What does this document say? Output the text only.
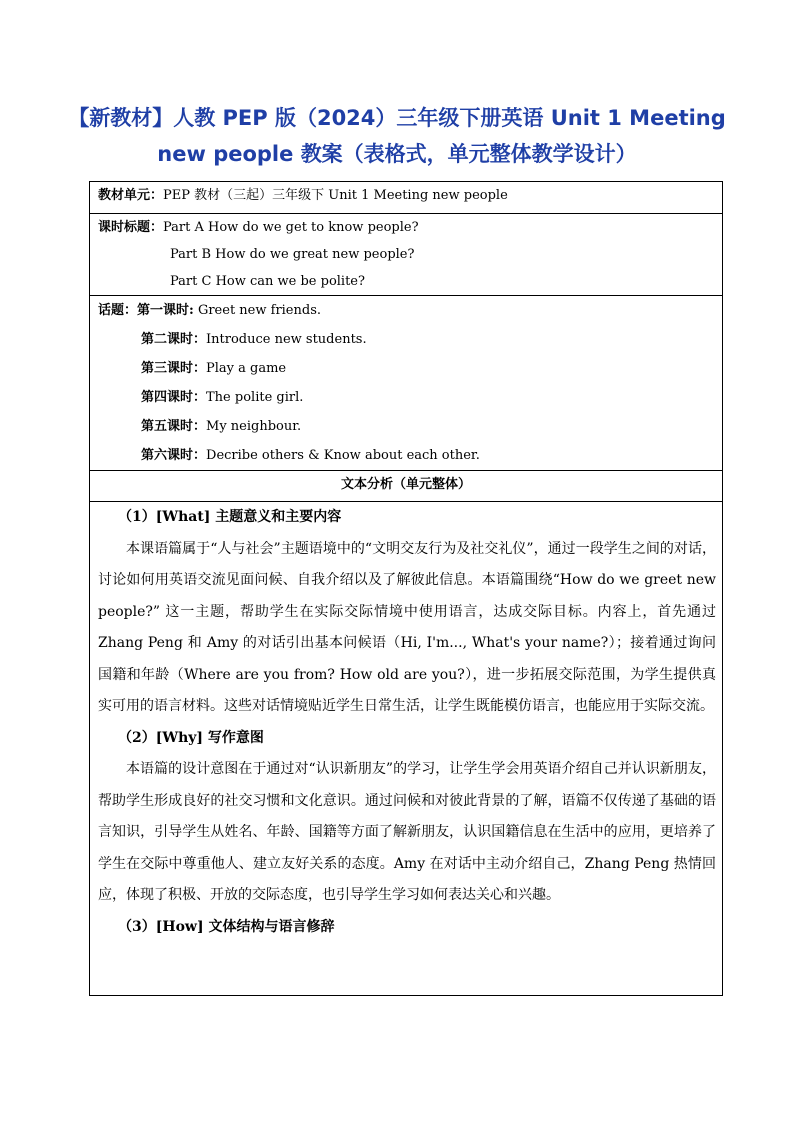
【新教材】人教 PEP 版（2024）三年级下册英语 Unit 1 Meeting
new people 教案（表格式，单元整体教学设计）
教材单元：PEP 教材（三起）三年级下 Unit 1 Meeting new people

课时标题：Part A How do we get to know people?
Part B How do we great new people?
Part C How can we be polite?

话题：第一课时: Greet new friends.
第二课时：Introduce new students.
第三课时：Play a game
第四课时：The polite girl.
第五课时：My neighbour.
第六课时：Decribe others & Know about each other.

文本分析（单元整体）

（1）[What] 主题意义和主要内容

本课语篇属于“人与社会”主题语境中的“文明交友行为及社交礼仪”，通过一段学生之间的对话，讨论如何用英语交流见面问候、自我介绍以及了解彼此信息。本语篇围绕“How do we greet new people?” 这一主题，帮助学生在实际交际情境中使用语言，达成交际目标。内容上，首先通过 Zhang Peng 和 Amy 的对话引出基本问候语（Hi, I'm..., What's your name?）；接着通过询问国籍和年龄（Where are you from? How old are you?），进一步拓展交际范围，为学生提供真实可用的语言材料。这些对话情境贴近学生日常生活，让学生既能模仿语言，也能应用于实际交流。

（2）[Why] 写作意图

本语篇的设计意图在于通过对“认识新朋友”的学习，让学生学会用英语介绍自己并认识新朋友，帮助学生形成良好的社交习惯和文化意识。通过问候和对彼此背景的了解，语篇不仅传递了基础的语言知识，引导学生从姓名、年龄、国籍等方面了解新朋友，认识国籍信息在生活中的应用，更培养了学生在交际中尊重他人、建立友好关系的态度。Amy 在对话中主动介绍自己，Zhang Peng 热情回应，体现了积极、开放的交际态度，也引导学生学习如何表达关心和兴趣。

（3）[How] 文体结构与语言修辞
